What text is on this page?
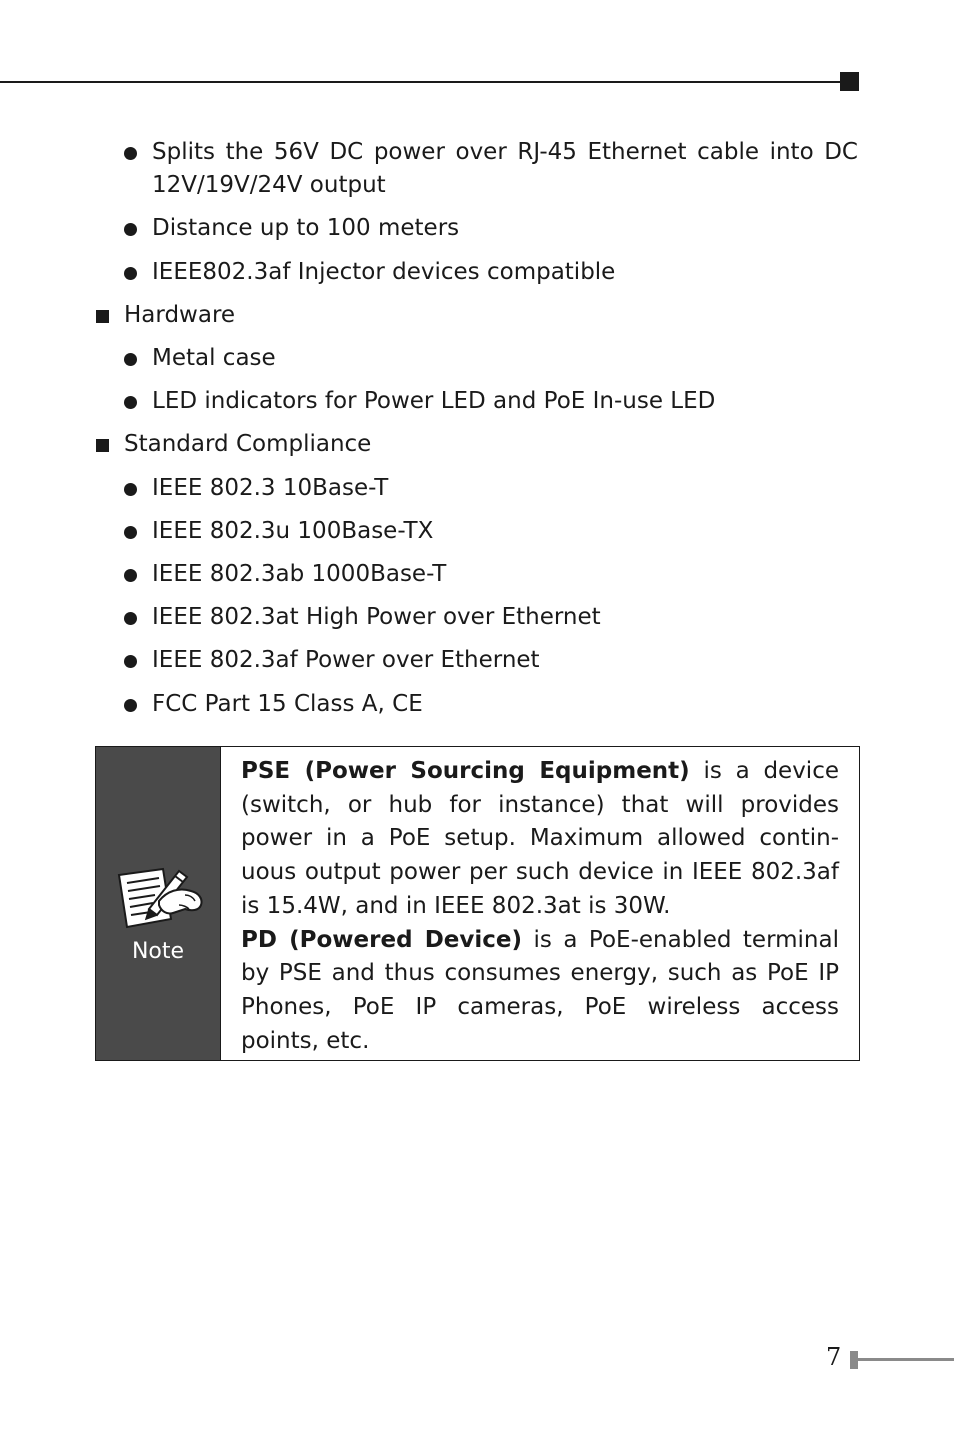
Splits the 56V DC power over RJ-45 Ethernet cable into DC
12V/19V/24V output
Distance up to 100 meters
IEEE802.3af Injector devices compatible
Hardware
Metal case
LED indicators for Power LED and PoE In-use LED
Standard Compliance
IEEE 802.3 10Base-T
IEEE 802.3u 100Base-TX
IEEE 802.3ab 1000Base-T
IEEE 802.3at High Power over Ethernet
IEEE 802.3af Power over Ethernet
FCC Part 15 Class A, CE
Note

PSE (Power Sourcing Equipment) is a device (switch, or hub for instance) that will provides power in a PoE setup. Maximum allowed contin-uous output power per such device in IEEE 802.3af is 15.4W, and in IEEE 802.3at is 30W.

PD (Powered Device) is a PoE-enabled terminal by PSE and thus consumes energy, such as PoE IP Phones, PoE IP cameras, PoE wireless access points, etc.

7
